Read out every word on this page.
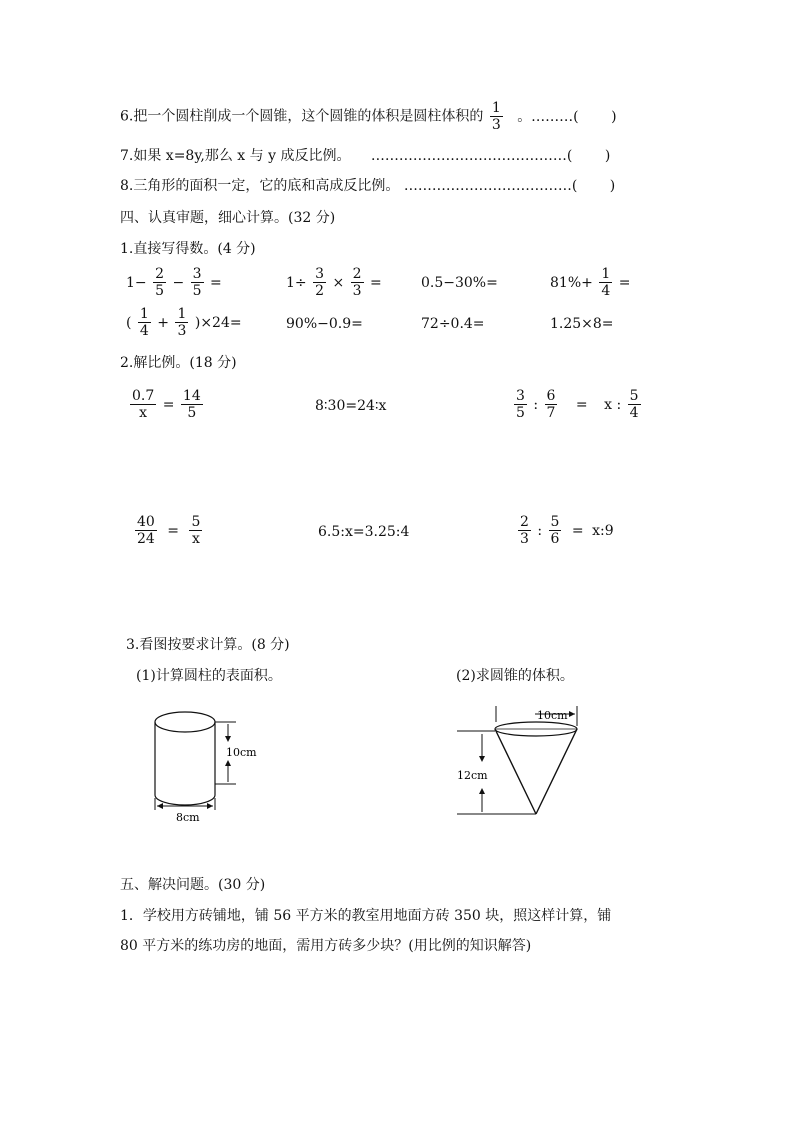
6.把一个圆柱削成一个圆锥，这个圆锥的体积是圆柱体积的 $\frac{1}{3}$ 。………( )
7.如果 x=8y,那么 x 与 y 成反比例。 ……………………………………( )
8.三角形的面积一定，它的底和高成反比例。 ………………………………( )
四、认真审题，细心计算。(32 分)
1.直接写得数。(4 分)
$1- \frac{2}{5} - \frac{3}{5}$ =	$1\div \frac{3}{2} \times \frac{2}{3}$ =	0.5−30%=	$81\%+ \frac{1}{4}$ =
( $\frac{1}{4} + \frac{1}{3} )\times 24=$	90%−0.9=	72÷0.4=	1.25×8=
2.解比例。(18 分)
$\frac{0.7}{x} = \frac{14}{5}$	8∶30=24∶x	$\frac{3}{5}$ : $\frac{6}{7} = x$ : $\frac{5}{4}$
$\frac{40}{24} = \frac{5}{x}$	6.5:x=3.25:4	$\frac{2}{3}$ : $\frac{5}{6}$ = x:9
3.看图按要求计算。(8 分)
(1)计算圆柱的表面积。	(2)求圆锥的体积。
10cm
8cm
10cm
12cm
五、解决问题。(30 分)
1．学校用方砖铺地，铺 56 平方米的教室用地面方砖 350 块，照这样计算，铺
80 平方米的练功房的地面，需用方砖多少块？(用比例的知识解答)
